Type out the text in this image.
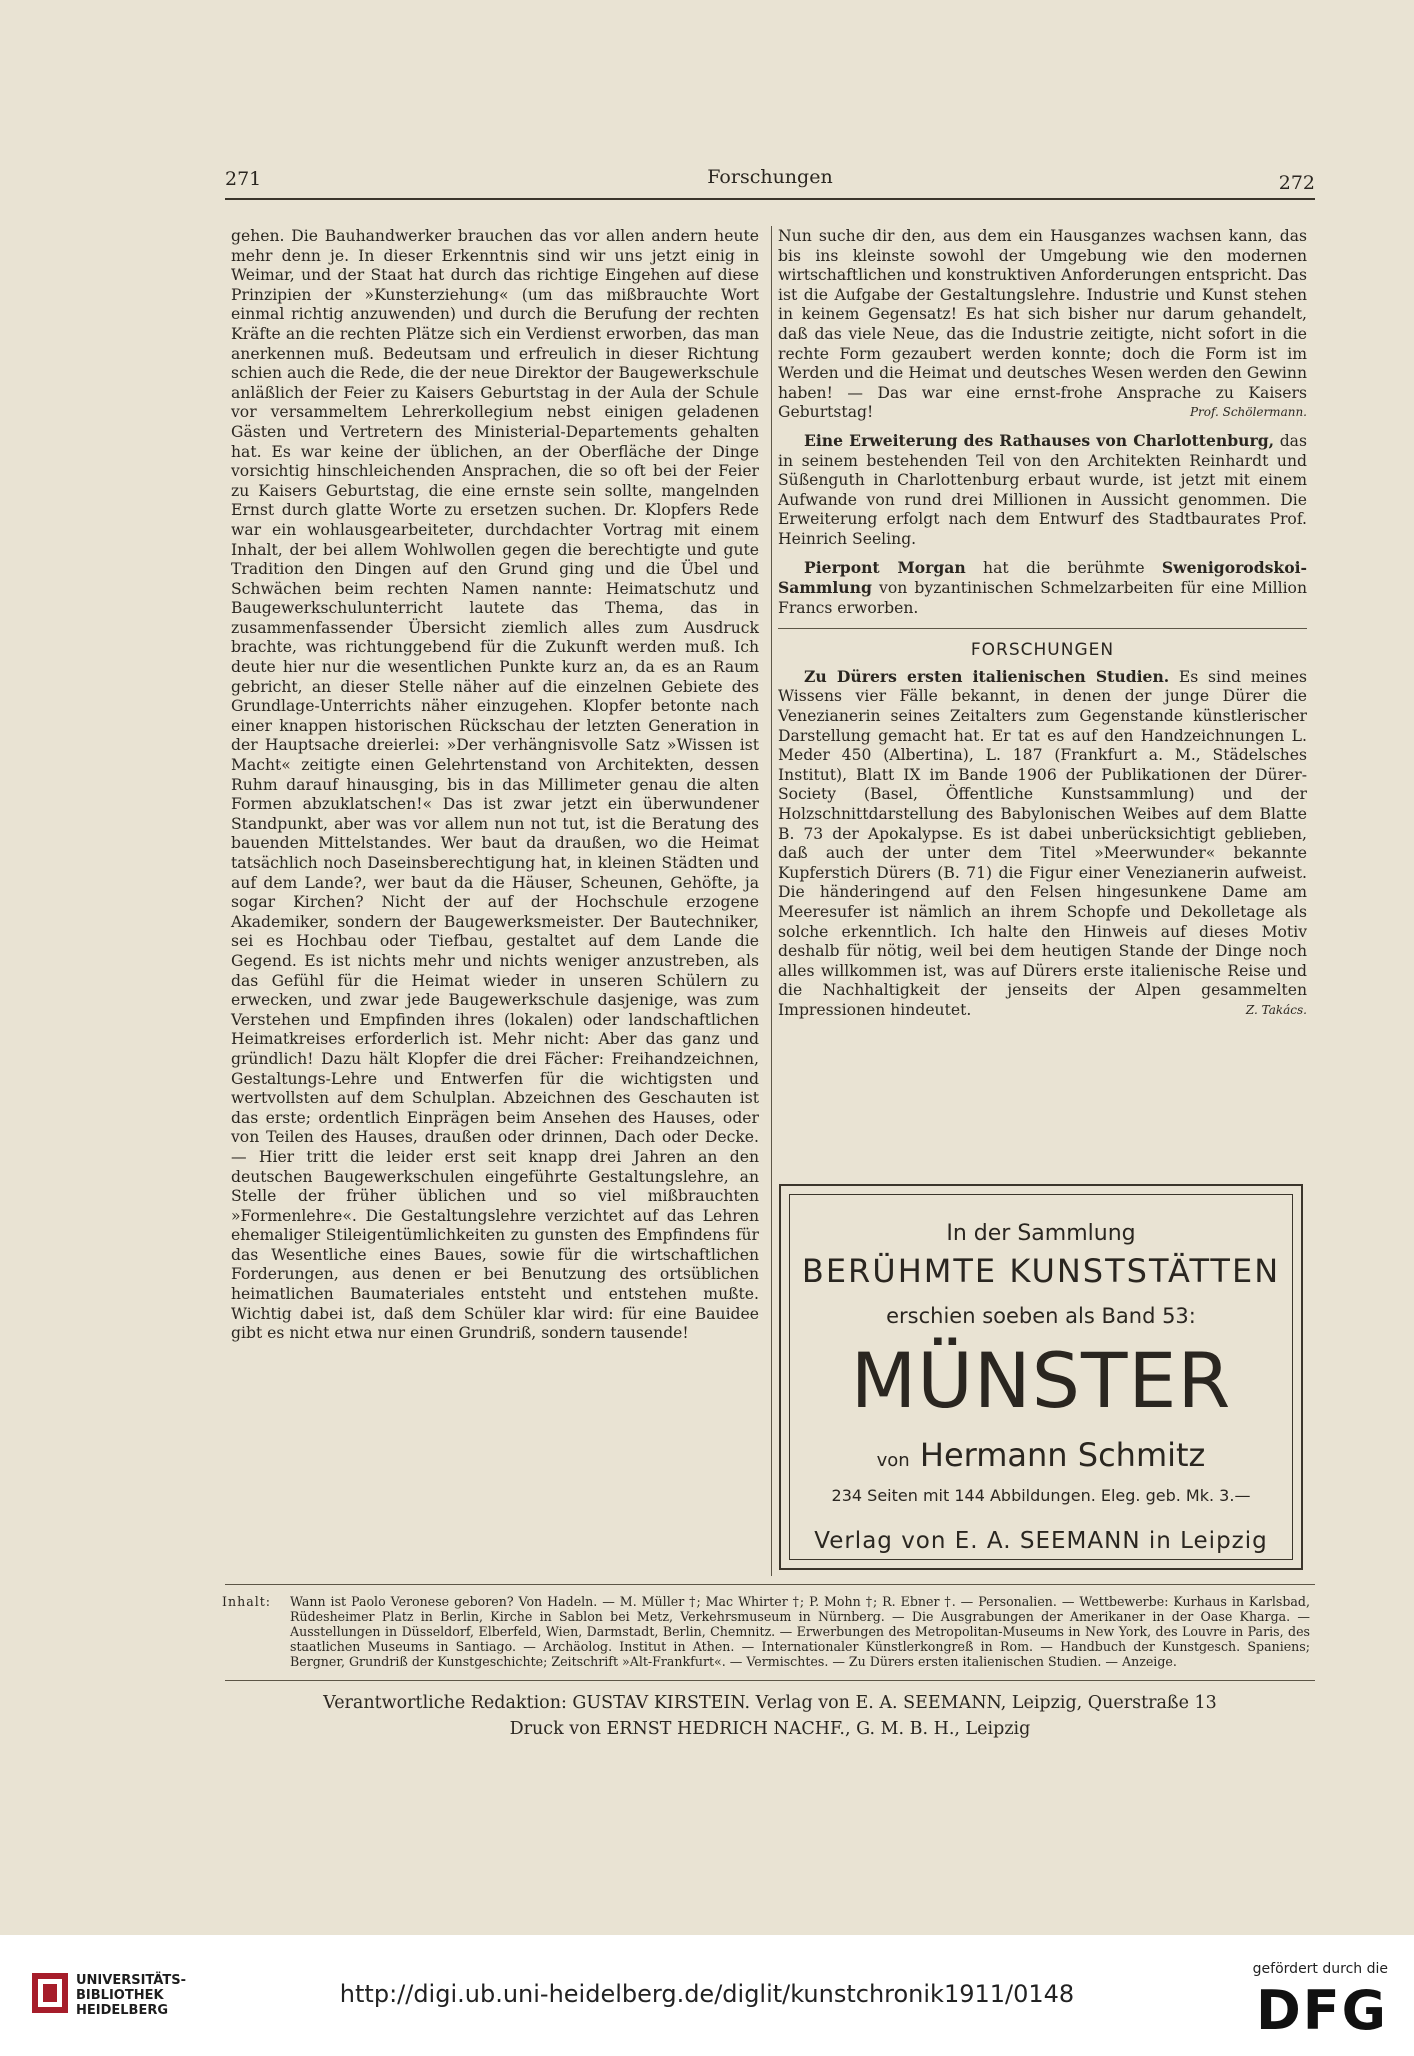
271	Forschungen	272

gehen. Die Bauhandwerker brauchen das vor allen andern heute mehr denn je. In dieser Erkenntnis sind wir uns jetzt einig in Weimar, und der Staat hat durch das richtige Eingehen auf diese Prinzipien der »Kunsterziehung« (um das mißbrauchte Wort einmal richtig anzuwenden) und durch die Berufung der rechten Kräfte an die rechten Plätze sich ein Verdienst erworben, das man anerkennen muß. Bedeutsam und erfreulich in dieser Richtung schien auch die Rede, die der neue Direktor der Baugewerkschule anläßlich der Feier zu Kaisers Geburtstag in der Aula der Schule vor versammeltem Lehrerkollegium nebst einigen geladenen Gästen und Vertretern des Ministerial-Departements gehalten hat. Es war keine der üblichen, an der Oberfläche der Dinge vorsichtig hinschleichenden Ansprachen, die so oft bei der Feier zu Kaisers Geburtstag, die eine ernste sein sollte, mangelnden Ernst durch glatte Worte zu ersetzen suchen. Dr. Klopfers Rede war ein wohlausgearbeiteter, durchdachter Vortrag mit einem Inhalt, der bei allem Wohlwollen gegen die berechtigte und gute Tradition den Dingen auf den Grund ging und die Übel und Schwächen beim rechten Namen nannte: Heimatschutz und Baugewerkschulunterricht lautete das Thema, das in zusammenfassender Übersicht ziemlich alles zum Ausdruck brachte, was richtunggebend für die Zukunft werden muß. Ich deute hier nur die wesentlichen Punkte kurz an, da es an Raum gebricht, an dieser Stelle näher auf die einzelnen Gebiete des Grundlage-Unterrichts näher einzugehen. Klopfer betonte nach einer knappen historischen Rückschau der letzten Generation in der Hauptsache dreierlei: »Der verhängnisvolle Satz »Wissen ist Macht« zeitigte einen Gelehrtenstand von Architekten, dessen Ruhm darauf hinausging, bis in das Millimeter genau die alten Formen abzuklatschen!« Das ist zwar jetzt ein überwundener Standpunkt, aber was vor allem nun not tut, ist die Beratung des bauenden Mittelstandes. Wer baut da draußen, wo die Heimat tatsächlich noch Daseinsberechtigung hat, in kleinen Städten und auf dem Lande?, wer baut da die Häuser, Scheunen, Gehöfte, ja sogar Kirchen? Nicht der auf der Hochschule erzogene Akademiker, sondern der Baugewerksmeister. Der Bautechniker, sei es Hochbau oder Tiefbau, gestaltet auf dem Lande die Gegend. Es ist nichts mehr und nichts weniger anzustreben, als das Gefühl für die Heimat wieder in unseren Schülern zu erwecken, und zwar jede Baugewerkschule dasjenige, was zum Verstehen und Empfinden ihres (lokalen) oder landschaftlichen Heimatkreises erforderlich ist. Mehr nicht: Aber das ganz und gründlich! Dazu hält Klopfer die drei Fächer: Freihandzeichnen, Gestaltungs-Lehre und Entwerfen für die wichtigsten und wertvollsten auf dem Schulplan. Abzeichnen des Geschauten ist das erste; ordentlich Einprägen beim Ansehen des Hauses, oder von Teilen des Hauses, draußen oder drinnen, Dach oder Decke. — Hier tritt die leider erst seit knapp drei Jahren an den deutschen Baugewerkschulen eingeführte Gestaltungslehre, an Stelle der früher üblichen und so viel mißbrauchten »Formenlehre«. Die Gestaltungslehre verzichtet auf das Lehren ehemaliger Stileigentümlichkeiten zu gunsten des Empfindens für das Wesentliche eines Baues, sowie für die wirtschaftlichen Forderungen, aus denen er bei Benutzung des ortsüblichen heimatlichen Baumateriales entsteht und entstehen mußte. Wichtig dabei ist, daß dem Schüler klar wird: für eine Bauidee gibt es nicht etwa nur einen Grundriß, sondern tausende!

Nun suche dir den, aus dem ein Hausganzes wachsen kann, das bis ins kleinste sowohl der Umgebung wie den modernen wirtschaftlichen und konstruktiven Anforderungen entspricht. Das ist die Aufgabe der Gestaltungslehre. Industrie und Kunst stehen in keinem Gegensatz! Es hat sich bisher nur darum gehandelt, daß das viele Neue, das die Industrie zeitigte, nicht sofort in die rechte Form gezaubert werden konnte; doch die Form ist im Werden und die Heimat und deutsches Wesen werden den Gewinn haben! — Das war eine ernst-frohe Ansprache zu Kaisers Geburtstag!	Prof. Schölermann.
Eine Erweiterung des Rathauses von Charlottenburg, das in seinem bestehenden Teil von den Architekten Reinhardt und Süßenguth in Charlottenburg erbaut wurde, ist jetzt mit einem Aufwande von rund drei Millionen in Aussicht genommen. Die Erweiterung erfolgt nach dem Entwurf des Stadtbaurates Prof. Heinrich Seeling.
Pierpont Morgan hat die berühmte Swenigorodskoi-Sammlung von byzantinischen Schmelzarbeiten für eine Million Francs erworben.
FORSCHUNGEN
Zu Dürers ersten italienischen Studien. Es sind meines Wissens vier Fälle bekannt, in denen der junge Dürer die Venezianerin seines Zeitalters zum Gegenstande künstlerischer Darstellung gemacht hat. Er tat es auf den Handzeichnungen L. Meder 450 (Albertina), L. 187 (Frankfurt a. M., Städelsches Institut), Blatt IX im Bande 1906 der Publikationen der Dürer-Society (Basel, Öffentliche Kunstsammlung) und der Holzschnittdarstellung des Babylonischen Weibes auf dem Blatte B. 73 der Apokalypse. Es ist dabei unberücksichtigt geblieben, daß auch der unter dem Titel »Meerwunder« bekannte Kupferstich Dürers (B. 71) die Figur einer Venezianerin aufweist. Die händeringend auf den Felsen hingesunkene Dame am Meeresufer ist nämlich an ihrem Schopfe und Dekolletage als solche erkenntlich. Ich halte den Hinweis auf dieses Motiv deshalb für nötig, weil bei dem heutigen Stande der Dinge noch alles willkommen ist, was auf Dürers erste italienische Reise und die Nachhaltigkeit der jenseits der Alpen gesammelten Impressionen hindeutet.	Z. Takács.
In der Sammlung
BERÜHMTE KUNSTSTÄTTEN
erschien soeben als Band 53:
MÜNSTER
von Hermann Schmitz
234 Seiten mit 144 Abbildungen. Eleg. geb. Mk. 3.—
Verlag von E. A. SEEMANN in Leipzig
Inhalt:	Wann ist Paolo Veronese geboren? Von Hadeln. — M. Müller †; Mac Whirter †; P. Mohn †; R. Ebner †. — Personalien. — Wettbewerbe: Kurhaus in Karlsbad, Rüdesheimer Platz in Berlin, Kirche in Sablon bei Metz, Verkehrsmuseum in Nürnberg. — Die Ausgrabungen der Amerikaner in der Oase Kharga. — Ausstellungen in Düsseldorf, Elberfeld, Wien, Darmstadt, Berlin, Chemnitz. — Erwerbungen des Metropolitan-Museums in New York, des Louvre in Paris, des staatlichen Museums in Santiago. — Archäolog. Institut in Athen. — Internationaler Künstlerkongreß in Rom. — Handbuch der Kunstgesch. Spaniens; Bergner, Grundriß der Kunstgeschichte; Zeitschrift »Alt-Frankfurt«. — Vermischtes. — Zu Dürers ersten italienischen Studien. — Anzeige.
Verantwortliche Redaktion: GUSTAV KIRSTEIN. Verlag von E. A. SEEMANN, Leipzig, Querstraße 13
Druck von ERNST HEDRICH NACHF., G. M. B. H., Leipzig
UNIVERSITÄTS-
BIBLIOTHEK
HEIDELBERG
http://digi.ub.uni-heidelberg.de/diglit/kunstchronik1911/0148
gefördert durch die
DFG
